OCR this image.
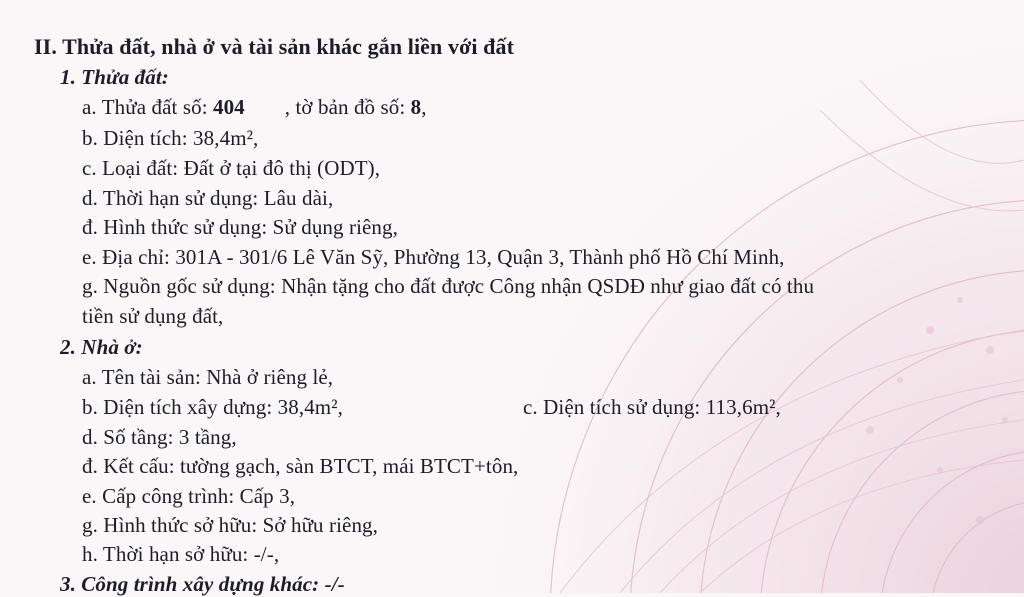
II. Thửa đất, nhà ở và tài sản khác gắn liền với đất
1. Thửa đất:
a. Thửa đất số: 404 , tờ bản đồ số: 8,
b. Diện tích: 38,4m²,
c. Loại đất: Đất ở tại đô thị (ODT),
d. Thời hạn sử dụng: Lâu dài,
đ. Hình thức sử dụng: Sử dụng riêng,
e. Địa chỉ: 301A - 301/6 Lê Văn Sỹ, Phường 13, Quận 3, Thành phố Hồ Chí Minh,
g. Nguồn gốc sử dụng: Nhận tặng cho đất được Công nhận QSDĐ như giao đất có thu
tiền sử dụng đất,
2. Nhà ở:
a. Tên tài sản: Nhà ở riêng lẻ,
b. Diện tích xây dựng: 38,4m²,	c. Diện tích sử dụng: 113,6m²,
d. Số tầng: 3 tầng,
đ. Kết cấu: tường gạch, sàn BTCT, mái BTCT+tôn,
e. Cấp công trình: Cấp 3,
g. Hình thức sở hữu: Sở hữu riêng,
h. Thời hạn sở hữu: -/-,
3. Công trình xây dựng khác: -/-
